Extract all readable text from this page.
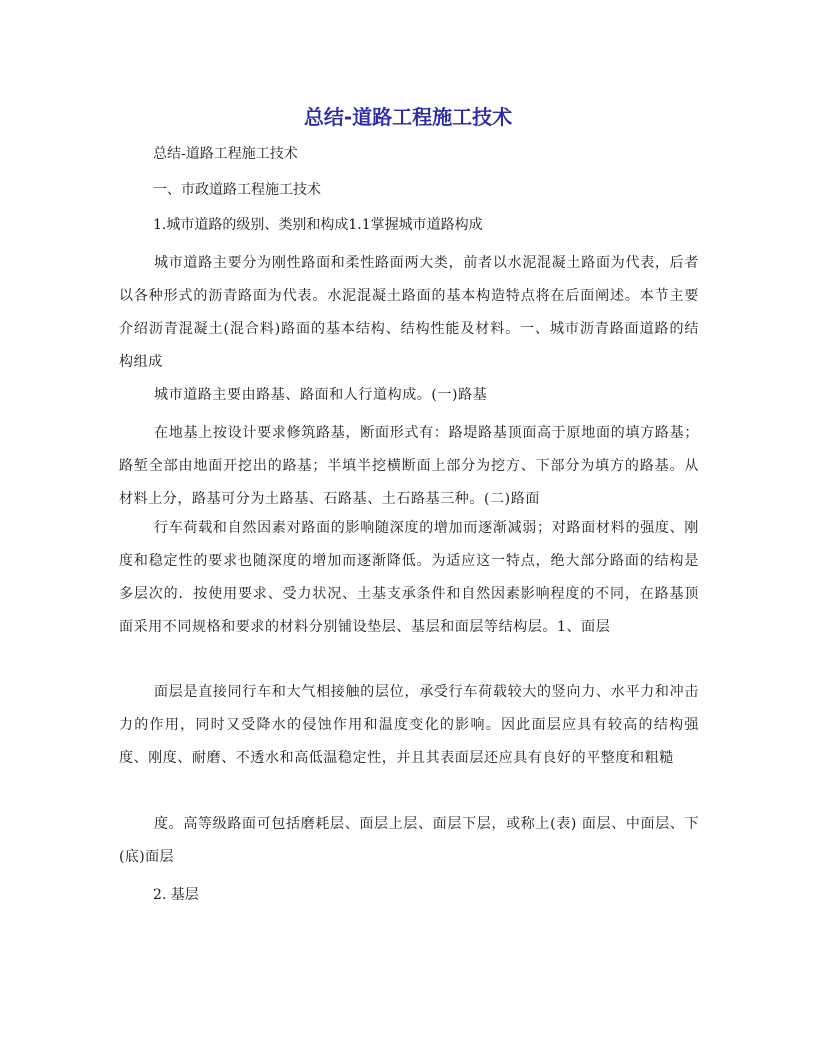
总结-道路工程施工技术

总结-道路工程施工技术

一、市政道路工程施工技术

1.城市道路的级别、类别和构成1.1掌握城市道路构成

城市道路主要分为刚性路面和柔性路面两大类，前者以水泥混凝土路面为代表，后者以各种形式的沥青路面为代表。水泥混凝土路面的基本构造特点将在后面阐述。本节主要介绍沥青混凝土(混合料)路面的基本结构、结构性能及材料。一、城市沥青路面道路的结构组成

城市道路主要由路基、路面和人行道构成。(一)路基

在地基上按设计要求修筑路基，断面形式有：路堤路基顶面高于原地面的填方路基；路堑全部由地面开挖出的路基；半填半挖横断面上部分为挖方、下部分为填方的路基。从材料上分，路基可分为土路基、石路基、土石路基三种。(二)路面

行车荷载和自然因素对路面的影响随深度的增加而逐渐减弱；对路面材料的强度、刚度和稳定性的要求也随深度的增加而逐渐降低。为适应这一特点，绝大部分路面的结构是多层次的．按使用要求、受力状况、土基支承条件和自然因素影响程度的不同，在路基顶面采用不同规格和要求的材料分别铺设垫层、基层和面层等结构层。1、面层

面层是直接同行车和大气相接触的层位，承受行车荷载较大的竖向力、水平力和冲击力的作用，同时又受降水的侵蚀作用和温度变化的影响。因此面层应具有较高的结构强度、刚度、耐磨、不透水和高低温稳定性，并且其表面层还应具有良好的平整度和粗糙

度。高等级路面可包括磨耗层、面层上层、面层下层，或称上(表) 面层、中面层、下(底)面层

2. 基层
